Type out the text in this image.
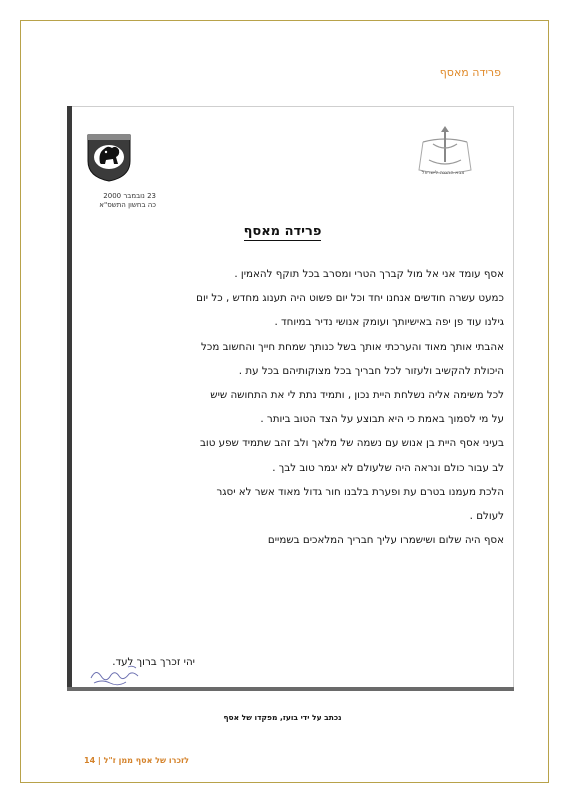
פרידה מאסף
23 נובמבר 2000
כה בחשון התשס"א
צבא ההגנה לישראל
פרידה מאסף

אסף עומד אני אל מול קברך הטרי ומסרב בכל תוקף להאמין .

כמעט עשרה חודשים אנחנו יחד וכל יום פשוט היה תענוג מחדש , כל יום

גילנו עוד פן יפה באישיותך ועומק אנושי נדיר במיוחד .

אהבתי אותך מאוד והערכתי אותך בשל כנותך שמחת חייך והחשוב מכל

היכולת להקשיב ולעזור לכל חבריך בכל מצוקותיהם בכל עת .

לכל משימה אליה נשלחת היית נכון , ותמיד נתת לי את התחושה שיש

על מי לסמוך באמת כי היא תבוצע על הצד הטוב ביותר .

בעיני אסף היית בן אנוש עם נשמה של מלאך ולב זהב שתמיד שפע טוב

לב עבור כולם ונראה היה שלעולם לא יגמר טוב לבך .

הלכת מעמנו בטרם עת ופערת בלבנו חור גדול מאוד אשר לא יסגר

לעולם .

אסף היה שלום ושישמרו עליך חבריך המלאכים בשמיים

יהי זכרך ברוך לעד.
נכתב על ידי בועז, מפקדו של אסף
לזכרו של אסף ממן ז"ל | 14
